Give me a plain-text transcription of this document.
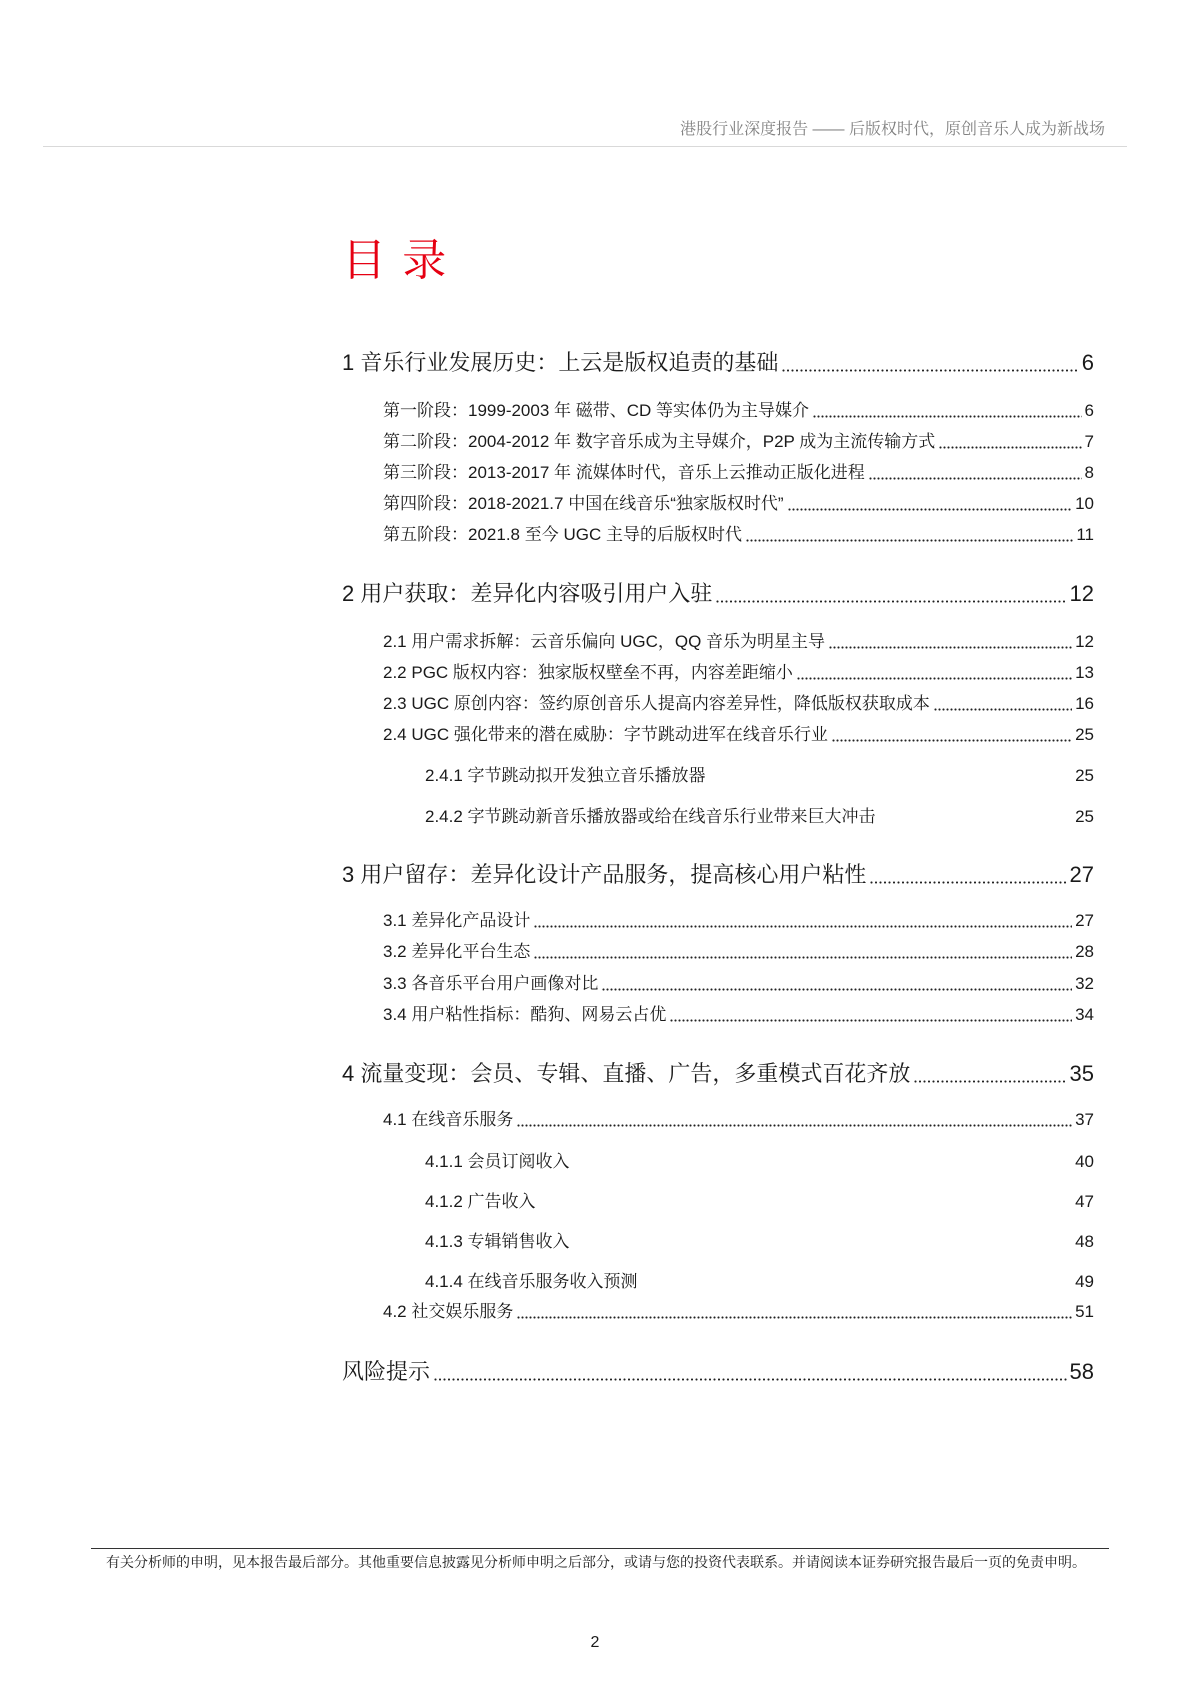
港股行业深度报告 —— 后版权时代，原创音乐人成为新战场
目 录
1 音乐行业发展历史：上云是版权追责的基础	6
第一阶段：1999-2003 年 磁带、CD 等实体仍为主导媒介	6
第二阶段：2004-2012 年 数字音乐成为主导媒介，P2P 成为主流传输方式	7
第三阶段：2013-2017 年 流媒体时代，音乐上云推动正版化进程	8
第四阶段：2018-2021.7 中国在线音乐“独家版权时代”	10
第五阶段：2021.8 至今 UGC 主导的后版权时代	11
2 用户获取：差异化内容吸引用户入驻	12
2.1 用户需求拆解：云音乐偏向 UGC，QQ 音乐为明星主导	12
2.2 PGC 版权内容：独家版权壁垒不再，内容差距缩小	13
2.3 UGC 原创内容：签约原创音乐人提高内容差异性，降低版权获取成本	16
2.4 UGC 强化带来的潜在威胁：字节跳动进军在线音乐行业	25
2.4.1 字节跳动拟开发独立音乐播放器	25
2.4.2 字节跳动新音乐播放器或给在线音乐行业带来巨大冲击	25
3 用户留存：差异化设计产品服务，提高核心用户粘性	27
3.1 差异化产品设计	27
3.2 差异化平台生态	28
3.3 各音乐平台用户画像对比	32
3.4 用户粘性指标：酷狗、网易云占优	34
4 流量变现：会员、专辑、直播、广告，多重模式百花齐放	35
4.1 在线音乐服务	37
4.1.1 会员订阅收入	40
4.1.2 广告收入	47
4.1.3 专辑销售收入	48
4.1.4 在线音乐服务收入预测	49
4.2 社交娱乐服务	51
风险提示	58
有关分析师的申明，见本报告最后部分。其他重要信息披露见分析师申明之后部分，或请与您的投资代表联系。并请阅读本证券研究报告最后一页的免责申明。
2
